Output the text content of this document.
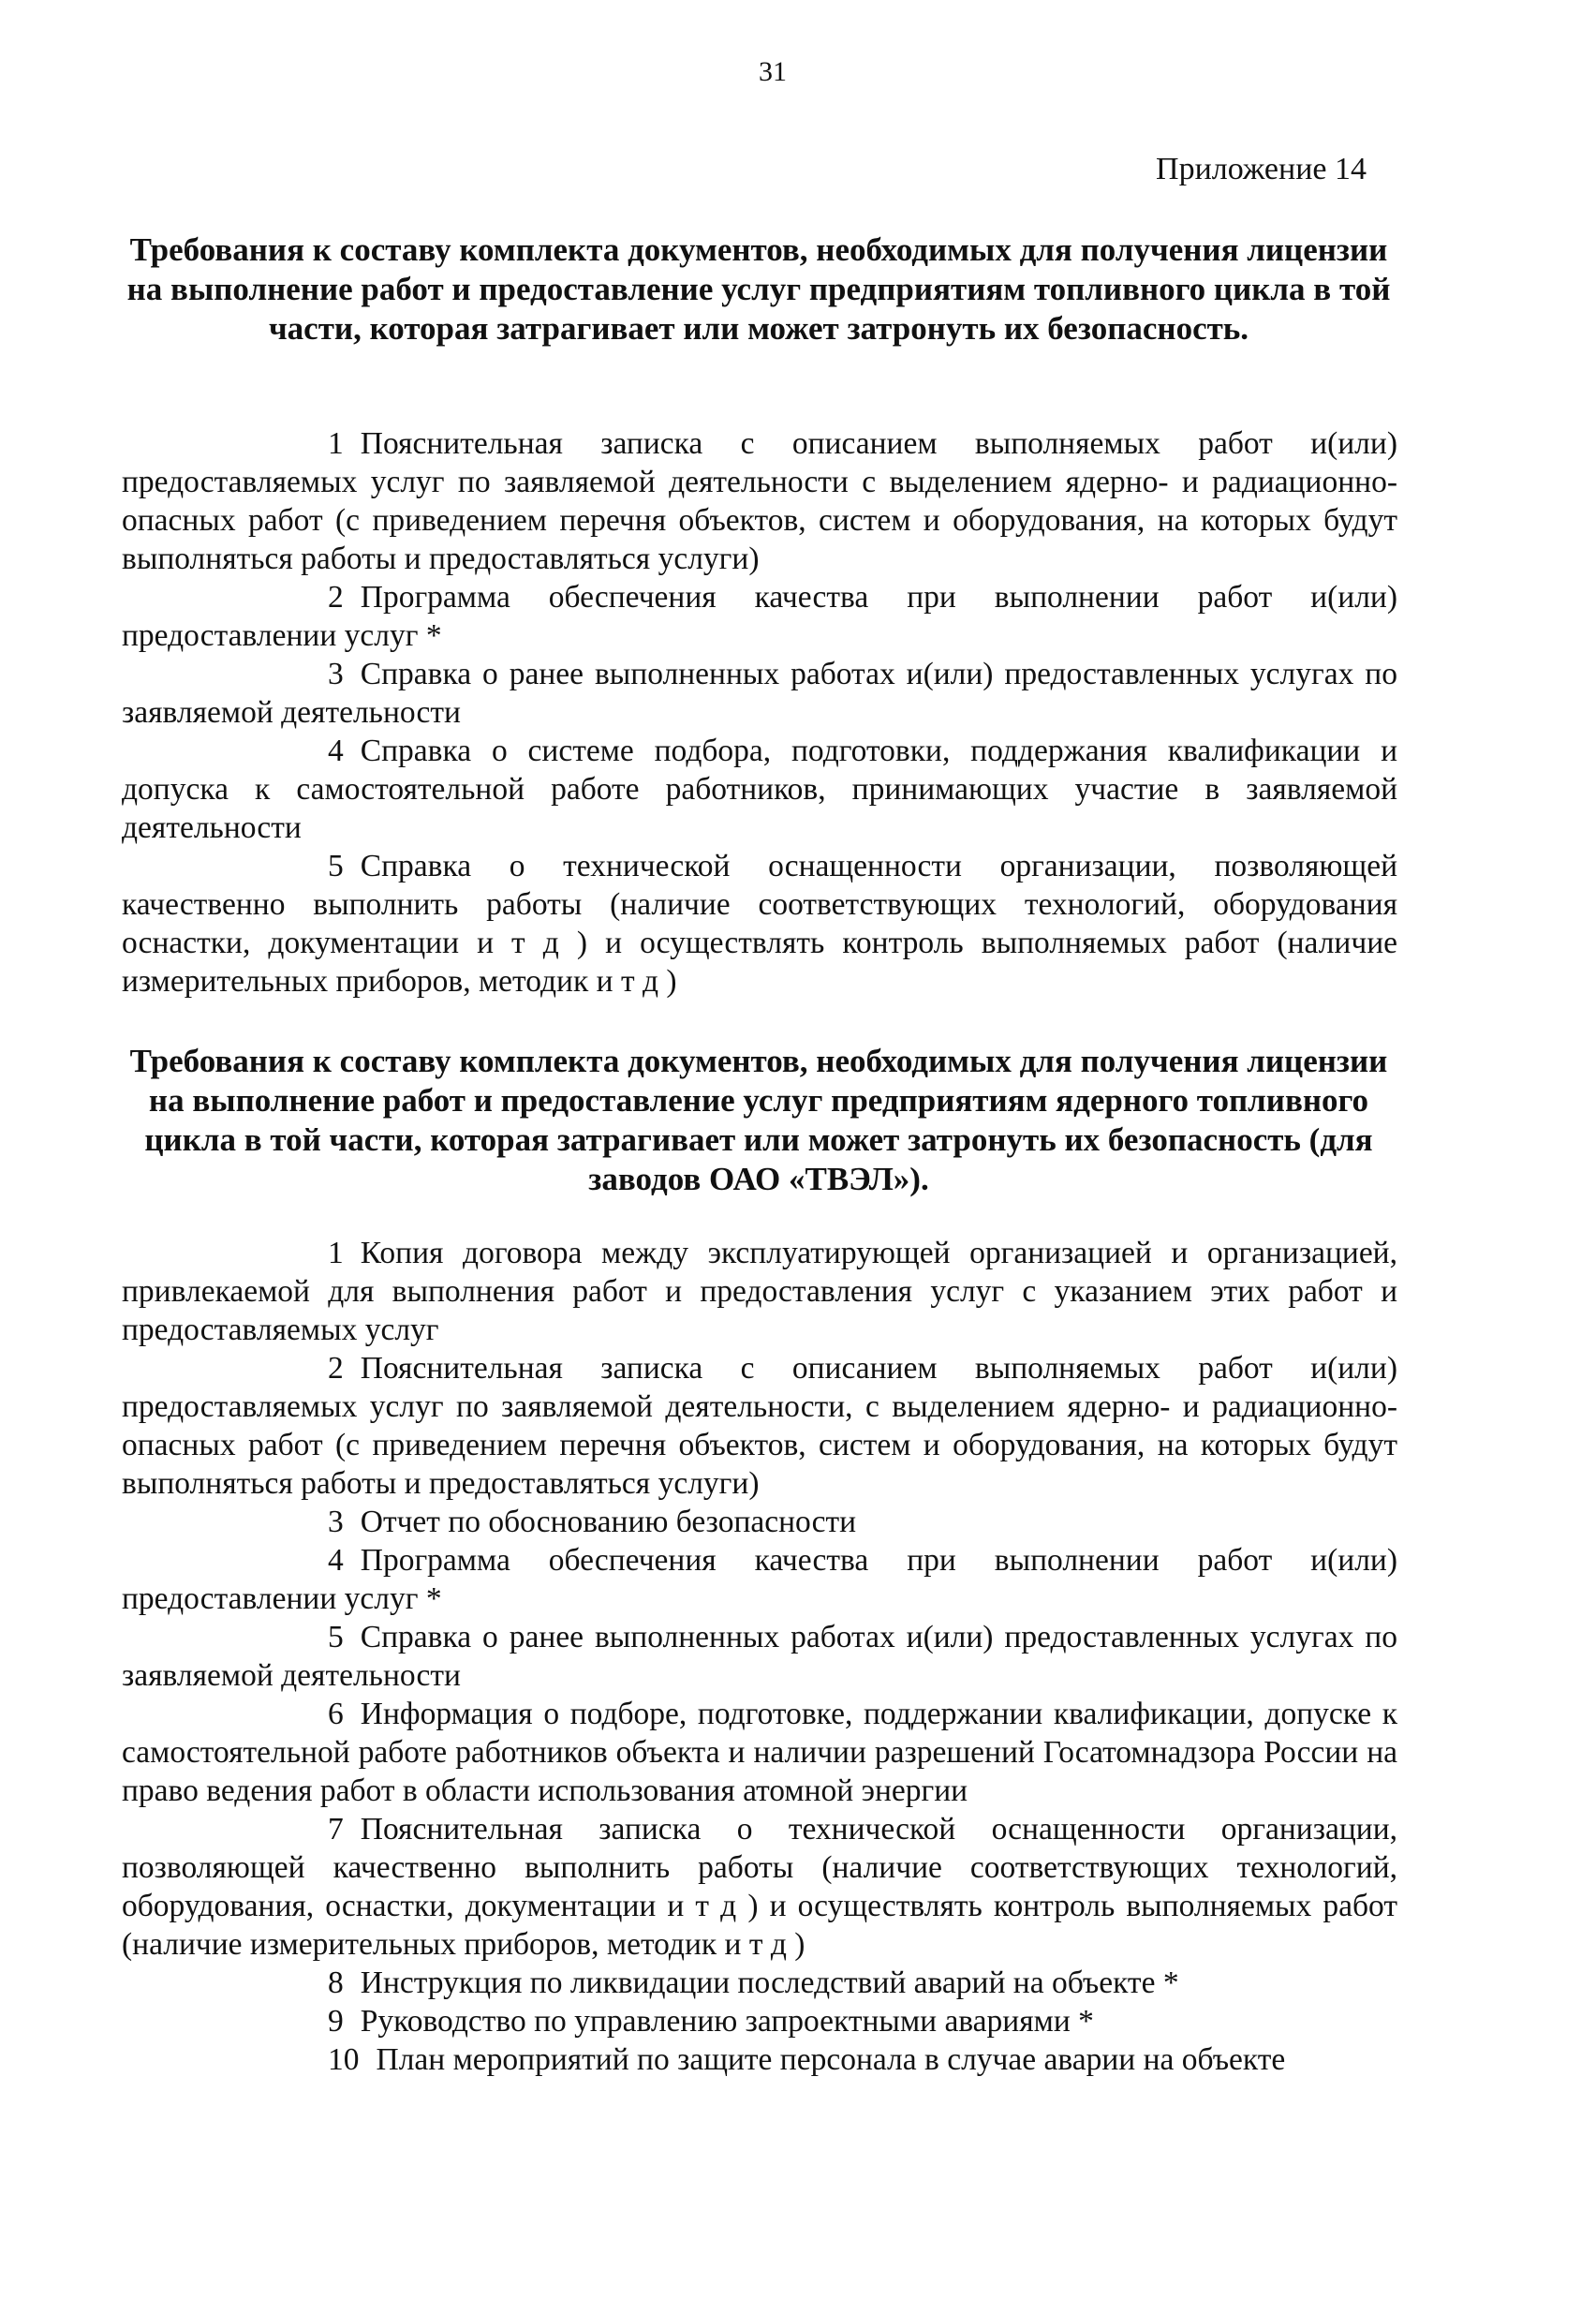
31
Приложение 14
Требования к составу комплекта документов, необходимых для получения лицензии на выполнение работ и предоставление услуг предприятиям топливного цикла в той части, которая затрагивает или может затронуть их безопасность.

1 Пояснительная записка с описанием выполняемых работ и(или) предоставляемых услуг по заявляемой деятельности с выделением ядерно- и радиационно-опасных работ (с приведением перечня объектов, систем и оборудования, на которых будут выполняться работы и предоставляться услуги)

2 Программа обеспечения качества при выполнении работ и(или) предоставлении услуг *

3 Справка о ранее выполненных работах и(или) предоставленных услугах по заявляемой деятельности

4 Справка о системе подбора, подготовки, поддержания квалификации и допуска к самостоятельной работе работников, принимающих участие в заявляемой деятельности

5 Справка о технической оснащенности организации, позволяющей качественно выполнить работы (наличие соответствующих технологий, оборудования оснастки, документации и т д ) и осуществлять контроль выполняемых работ (наличие измерительных приборов, методик и т д )

Требования к составу комплекта документов, необходимых для получения лицензии на выполнение работ и предоставление услуг предприятиям ядерного топливного цикла в той части, которая затрагивает или может затронуть их безопасность (для заводов ОАО «ТВЭЛ»).

1 Копия договора между эксплуатирующей организацией и организацией, привлекаемой для выполнения работ и предоставления услуг с указанием этих работ и предоставляемых услуг

2 Пояснительная записка с описанием выполняемых работ и(или) предоставляемых услуг по заявляемой деятельности, с выделением ядерно- и радиационно-опасных работ (с приведением перечня объектов, систем и оборудования, на которых будут выполняться работы и предоставляться услуги)

3 Отчет по обоснованию безопасности

4 Программа обеспечения качества при выполнении работ и(или) предоставлении услуг *

5 Справка о ранее выполненных работах и(или) предоставленных услугах по заявляемой деятельности

6 Информация о подборе, подготовке, поддержании квалификации, допуске к самостоятельной работе работников объекта и наличии разрешений Госатомнадзора России на право ведения работ в области использования атомной энергии

7 Пояснительная записка о технической оснащенности организации, позволяющей качественно выполнить работы (наличие соответствующих технологий, оборудования, оснастки, документации и т д ) и осуществлять контроль выполняемых работ (наличие измерительных приборов, методик и т д )

8 Инструкция по ликвидации последствий аварий на объекте *

9 Руководство по управлению запроектными авариями *

10 План мероприятий по защите персонала в случае аварии на объекте
